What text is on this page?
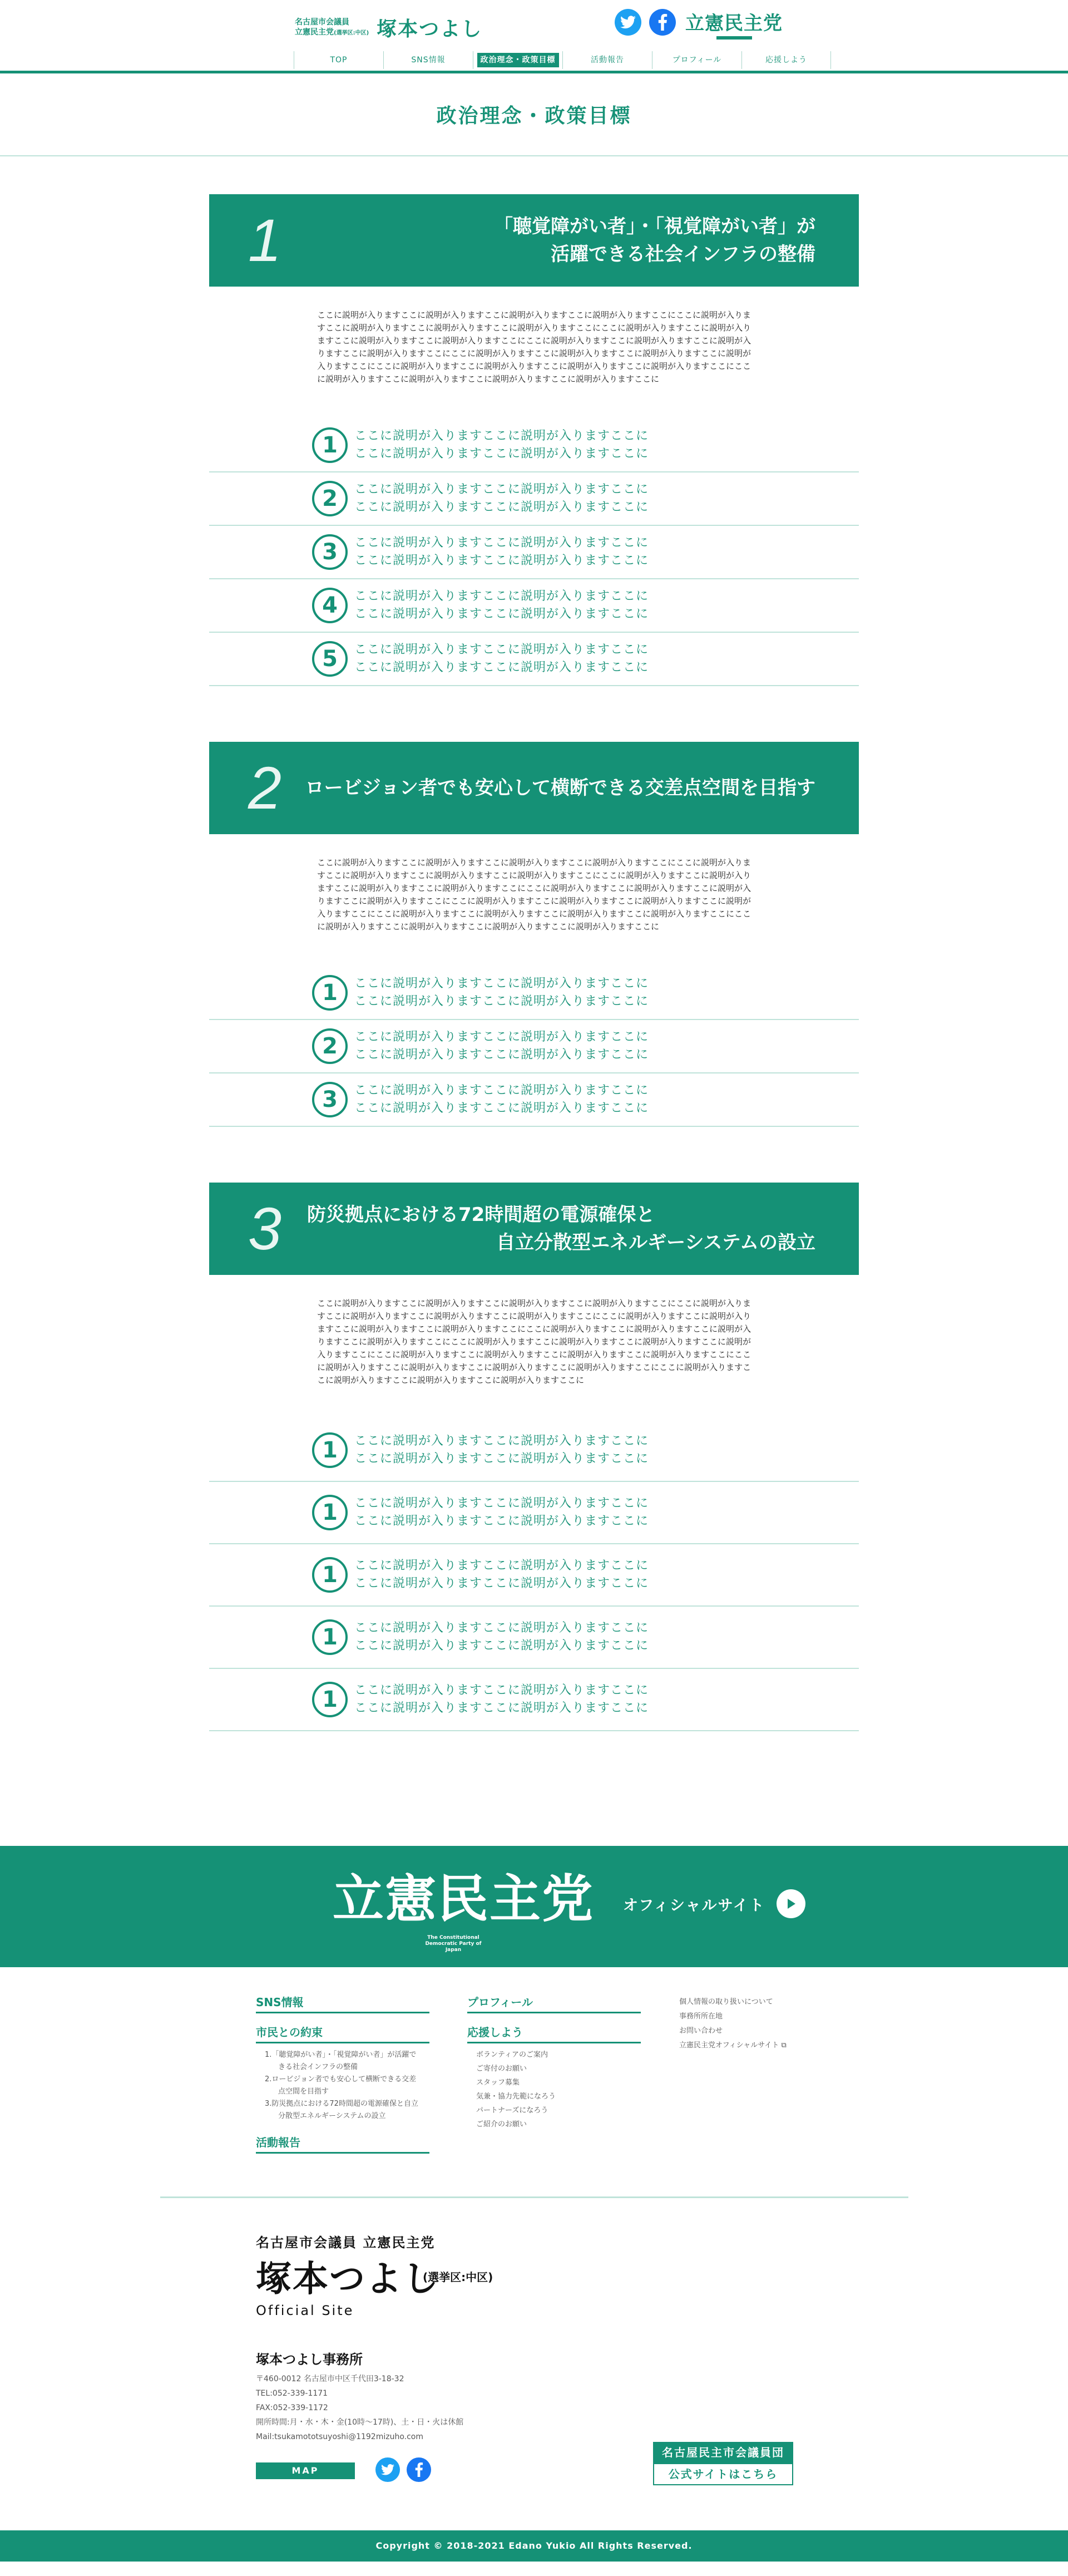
名古屋市会議員
立憲民主党(選挙区:中区) 塚本つよし	立憲民主党
TOP	SNS情報	政治理念・政策目標	活動報告	プロフィール	応援しよう
政治理念・政策目標
1	「聴覚障がい者」・「視覚障がい者」が
活躍できる社会インフラの整備

ここに説明が入りますここに説明が入りますここに説明が入りますここに説明が入りますここにここに説明が入りますここに説明が入りますここに説明が入りますここに説明が入りますここにここに説明が入りますここに説明が入りますここに説明が入りますここに説明が入りますここにここに説明が入りますここに説明が入りますここに説明が入りますここに説明が入りますここにここに説明が入りますここに説明が入りますここに説明が入りますここに説明が入りますここにここに説明が入りますここに説明が入りますここに説明が入りますここに説明が入りますここにここに説明が入りますここに説明が入りますここに説明が入りますここに説明が入りますここに

1	ここに説明が入りますここに説明が入りますここに
ここに説明が入りますここに説明が入りますここに
2	ここに説明が入りますここに説明が入りますここに
ここに説明が入りますここに説明が入りますここに
3	ここに説明が入りますここに説明が入りますここに
ここに説明が入りますここに説明が入りますここに
4	ここに説明が入りますここに説明が入りますここに
ここに説明が入りますここに説明が入りますここに
5	ここに説明が入りますここに説明が入りますここに
ここに説明が入りますここに説明が入りますここに
2 ロービジョン者でも安心して横断できる交差点空間を目指す

ここに説明が入りますここに説明が入りますここに説明が入りますここに説明が入りますここにここに説明が入りますここに説明が入りますここに説明が入りますここに説明が入りますここにここに説明が入りますここに説明が入りますここに説明が入りますここに説明が入りますここにここに説明が入りますここに説明が入りますここに説明が入りますここに説明が入りますここにここに説明が入りますここに説明が入りますここに説明が入りますここに説明が入りますここにここに説明が入りますここに説明が入りますここに説明が入りますここに説明が入りますここにここに説明が入りますここに説明が入りますここに説明が入りますここに説明が入りますここに

1	ここに説明が入りますここに説明が入りますここに
ここに説明が入りますここに説明が入りますここに
2	ここに説明が入りますここに説明が入りますここに
ここに説明が入りますここに説明が入りますここに
3	ここに説明が入りますここに説明が入りますここに
ここに説明が入りますここに説明が入りますここに
3 防災拠点における72時間超の電源確保と
自立分散型エネルギーシステムの設立

ここに説明が入りますここに説明が入りますここに説明が入りますここに説明が入りますここにここに説明が入りますここに説明が入りますここに説明が入りますここに説明が入りますここにここに説明が入りますここに説明が入りますここに説明が入りますここに説明が入りますここにここに説明が入りますここに説明が入りますここに説明が入りますここに説明が入りますここにここに説明が入りますここに説明が入りますここに説明が入りますここに説明が入りますここにここに説明が入りますここに説明が入りますここに説明が入りますここに説明が入りますここにここに説明が入りますここに説明が入りますここに説明が入りますここに説明が入りますここにここに説明が入りますここに説明が入りますここに説明が入りますここに説明が入りますここに

1	ここに説明が入りますここに説明が入りますここに
ここに説明が入りますここに説明が入りますここに
1	ここに説明が入りますここに説明が入りますここに
ここに説明が入りますここに説明が入りますここに
1	ここに説明が入りますここに説明が入りますここに
ここに説明が入りますここに説明が入りますここに
1	ここに説明が入りますここに説明が入りますここに
ここに説明が入りますここに説明が入りますここに
1	ここに説明が入りますここに説明が入りますここに
ここに説明が入りますここに説明が入りますここに
立憲民主党
The Constitutional Democratic Party of Japan
オフィシャルサイト
SNS情報
市民との約束
1.「聴覚障がい者」・「視覚障がい者」が活躍できる社会インフラの整備
2.ロービジョン者でも安心して横断できる交差点空間を目指す
3.防災拠点における72時間超の電源確保と自立分散型エネルギーシステムの設立
活動報告
プロフィール
応援しよう
ボランティアのご案内
ご寄付のお願い
スタッフ募集
気兼・協力先範になろう
パートナーズになろう
ご紹介のお願い
個人情報の取り扱いについて
事務所所在地
お問い合わせ
立憲民主党オフィシャルサイト ⧉
名古屋市会議員 立憲民主党
塚本つよし
(選挙区:中区)
Official Site
塚本つよし事務所
〒460-0012 名古屋市中区千代田3-18-32
TEL:052-339-1171
FAX:052-339-1172
開所時間:月・水・木・金(10時〜17時)、土・日・火は休館
Mail:tsukamototsuyoshi@1192mizuho.com
MAP
名古屋民主市会議員団
公式サイトはこちら
Copyright © 2018-2021 Edano Yukio All Rights Reserved.
